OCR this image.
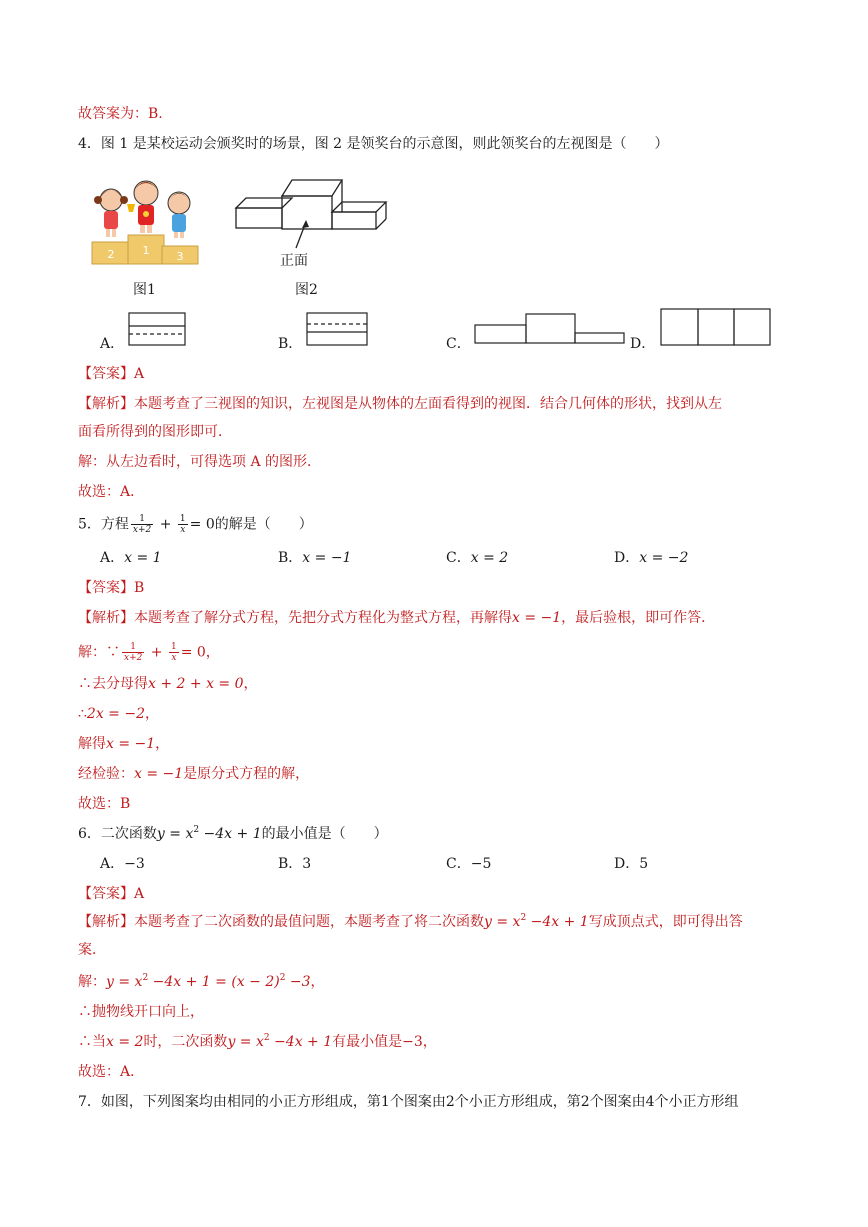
故答案为：B.
4．图 1 是某校运动会颁奖时的场景，图 2 是领奖台的示意图，则此领奖台的左视图是（　　）
2	1 3	正面
图1	图2
A．	B．	C．	D．
【答案】A
【解析】本题考查了三视图的知识，左视图是从物体的左面看得到的视图．结合几何体的形状，找到从左
面看所得到的图形即可．
解：从左边看时，可得选项 A 的图形．
故选：A．
5．方程 $\frac{1}{x+2} + \frac{1}{x} = 0$的解是（　　）
A．x = 1	B．x = −1	C．x = 2	D．x = −2
【答案】B
【解析】本题考查了解分式方程，先把分式方程化为整式方程，再解得x = −1，最后验根，即可作答．
解：∵ $\frac{1}{x+2} + \frac{1}{x} = 0$，
∴去分母得x + 2 + x = 0，
∴2x = −2，
解得x = −1，
经检验：x = −1是原分式方程的解，
故选：B
6．二次函数$y = x^2 -4x + 1$的最小值是（　　）
A．−3	B．3	C．−5	D．5
【答案】A
【解析】本题考查了二次函数的最值问题，本题考查了将二次函数$y = x^2 -4x + 1$写成顶点式，即可得出答
案．
解：$y = x^2 -4x + 1 = (x - 2)^2 -3$，
∴抛物线开口向上，
∴当x = 2时，二次函数$y = x^2 -4x + 1$有最小值是−3，
故选：A．
7．如图，下列图案均由相同的小正方形组成，第1个图案由2个小正方形组成，第2个图案由4个小正方形组
